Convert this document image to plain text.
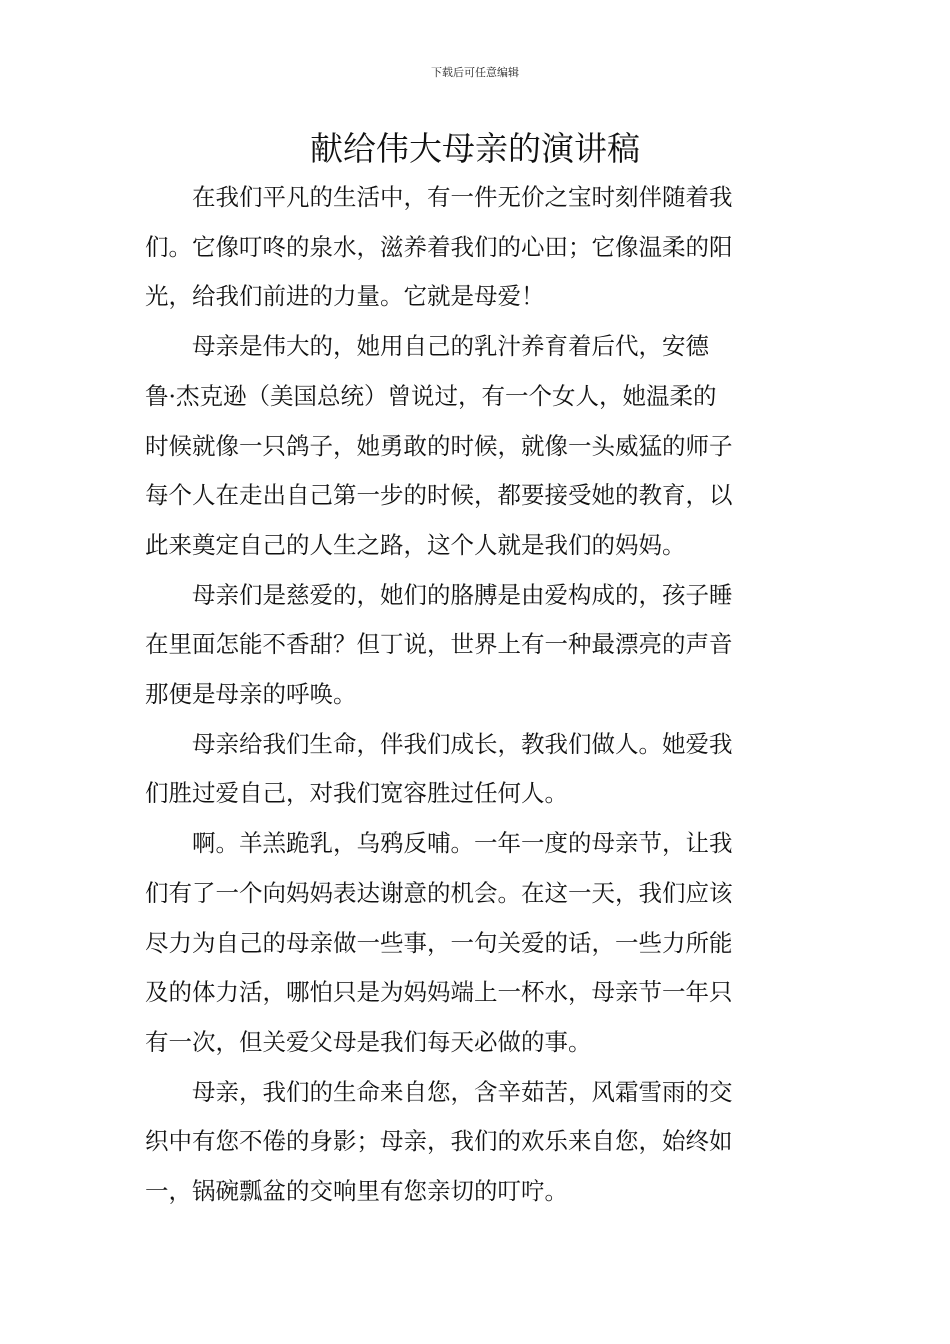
下载后可任意编辑
献给伟大母亲的演讲稿

在我们平凡的生活中，有一件无价之宝时刻伴随着我
们。它像叮咚的泉水，滋养着我们的心田；它像温柔的阳
光，给我们前进的力量。它就是母爱！

母亲是伟大的，她用自己的乳汁养育着后代，安德
鲁·杰克逊（美国总统）曾说过，有一个女人，她温柔的
时候就像一只鸽子，她勇敢的时候，就像一头威猛的师子
每个人在走出自己第一步的时候，都要接受她的教育，以
此来奠定自己的人生之路，这个人就是我们的妈妈。

母亲们是慈爱的，她们的胳膊是由爱构成的，孩子睡
在里面怎能不香甜？但丁说，世界上有一种最漂亮的声音
那便是母亲的呼唤。

母亲给我们生命，伴我们成长，教我们做人。她爱我
们胜过爱自己，对我们宽容胜过任何人。

啊。羊羔跪乳，乌鸦反哺。一年一度的母亲节，让我
们有了一个向妈妈表达谢意的机会。在这一天，我们应该
尽力为自己的母亲做一些事，一句关爱的话，一些力所能
及的体力活，哪怕只是为妈妈端上一杯水，母亲节一年只
有一次，但关爱父母是我们每天必做的事。

母亲，我们的生命来自您，含辛茹苦，风霜雪雨的交
织中有您不倦的身影；母亲，我们的欢乐来自您，始终如
一，锅碗瓢盆的交响里有您亲切的叮咛。
